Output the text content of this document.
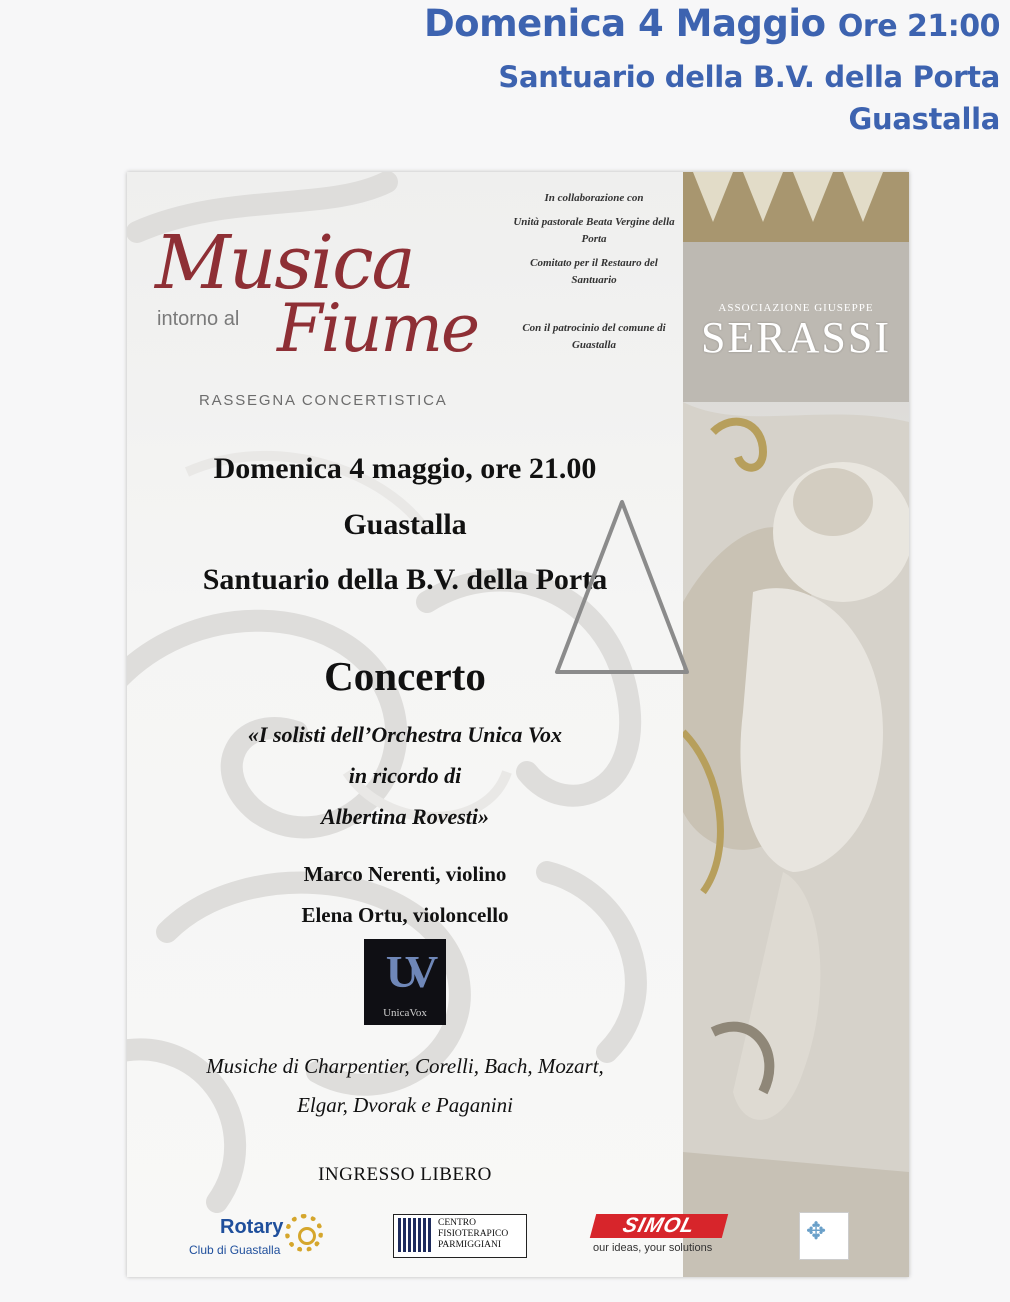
Domenica 4 Maggio Ore 21:00
Santuario della B.V. della Porta
Guastalla
Musica
intorno al Fiume
RASSEGNA CONCERTISTICA
In collaborazione con
Unità pastorale Beata Vergine della Porta
Comitato per il Restauro del Santuario
Con il patrocinio del comune di Guastalla
Domenica 4 maggio, ore 21.00
Guastalla
Santuario della B.V. della Porta
Concerto
«I solisti dell’Orchestra Unica Vox
in ricordo di
Albertina Rovesti»
Marco Nerenti, violino
Elena Ortu, violoncello
UV
UnicaVox
Musiche di Charpentier, Corelli, Bach, Mozart,
Elgar, Dvorak e Paganini
INGRESSO LIBERO
ASSOCIAZIONE GIUSEPPE
SERASSI
Rotary
Club di Guastalla
CENTRO
FISIOTERAPICO
PARMIGGIANI
SIMOL
our ideas, your solutions
✥
